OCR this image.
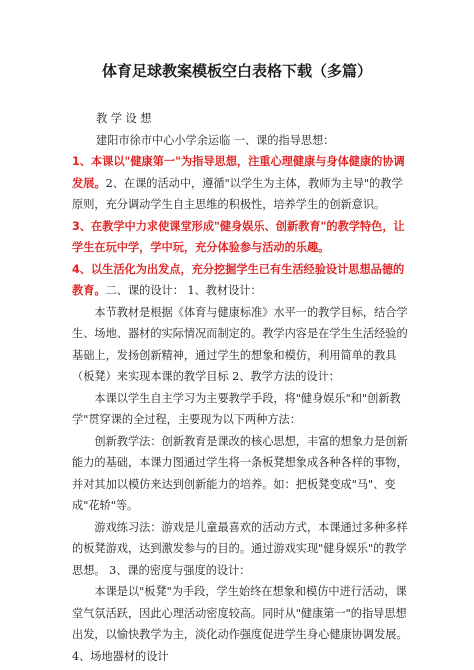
体育足球教案模板空白表格下载（多篇）

教 学 设 想

建阳市徐市中心小学余运临 一、课的指导思想：

1、本课以"健康第一"为指导思想，注重心理健康与身体健康的协调发展。2、在课的活动中，遵循"以学生为主体，教师为主导"的教学原则，充分调动学生自主思维的积极性，培养学生的创新意识。

3、在教学中力求使课堂形成"健身娱乐、创新教育"的教学特色，让学生在玩中学，学中玩，充分体验参与活动的乐趣。

4、以生活化为出发点，充分挖掘学生已有生活经验设计思想品德的教育。二、课的设计： 1、教材设计：

本节教材是根据《体育与健康标准》水平一的教学目标，结合学生、场地、器材的实际情况而制定的。教学内容是在学生生活经验的基础上，发扬创新精神，通过学生的想象和模仿，利用简单的教具（板凳）来实现本课的教学目标 2、教学方法的设计：

本课以学生自主学习为主要教学手段，将"健身娱乐"和"创新教学"贯穿课的全过程，主要现为以下两种方法：

创新教学法：创新教育是课改的核心思想，丰富的想象力是创新能力的基础，本课力图通过学生将一条板凳想象成各种各样的事物，并对其加以模仿来达到创新能力的培养。如：把板凳变成"马"、变成"花轿"等。

游戏练习法：游戏是儿童最喜欢的活动方式，本课通过多种多样的板凳游戏，达到激发参与的目的。通过游戏实现"健身娱乐"的教学思想。 3、课的密度与强度的设计：

本课是以"板凳"为手段，学生始终在想象和模仿中进行活动，课堂气氛活跃，因此心理活动密度较高。同时从"健康第一"的指导思想出发，以愉快教学为主，淡化动作强度促进学生身心健康协调发展。

4、场地器材的设计
